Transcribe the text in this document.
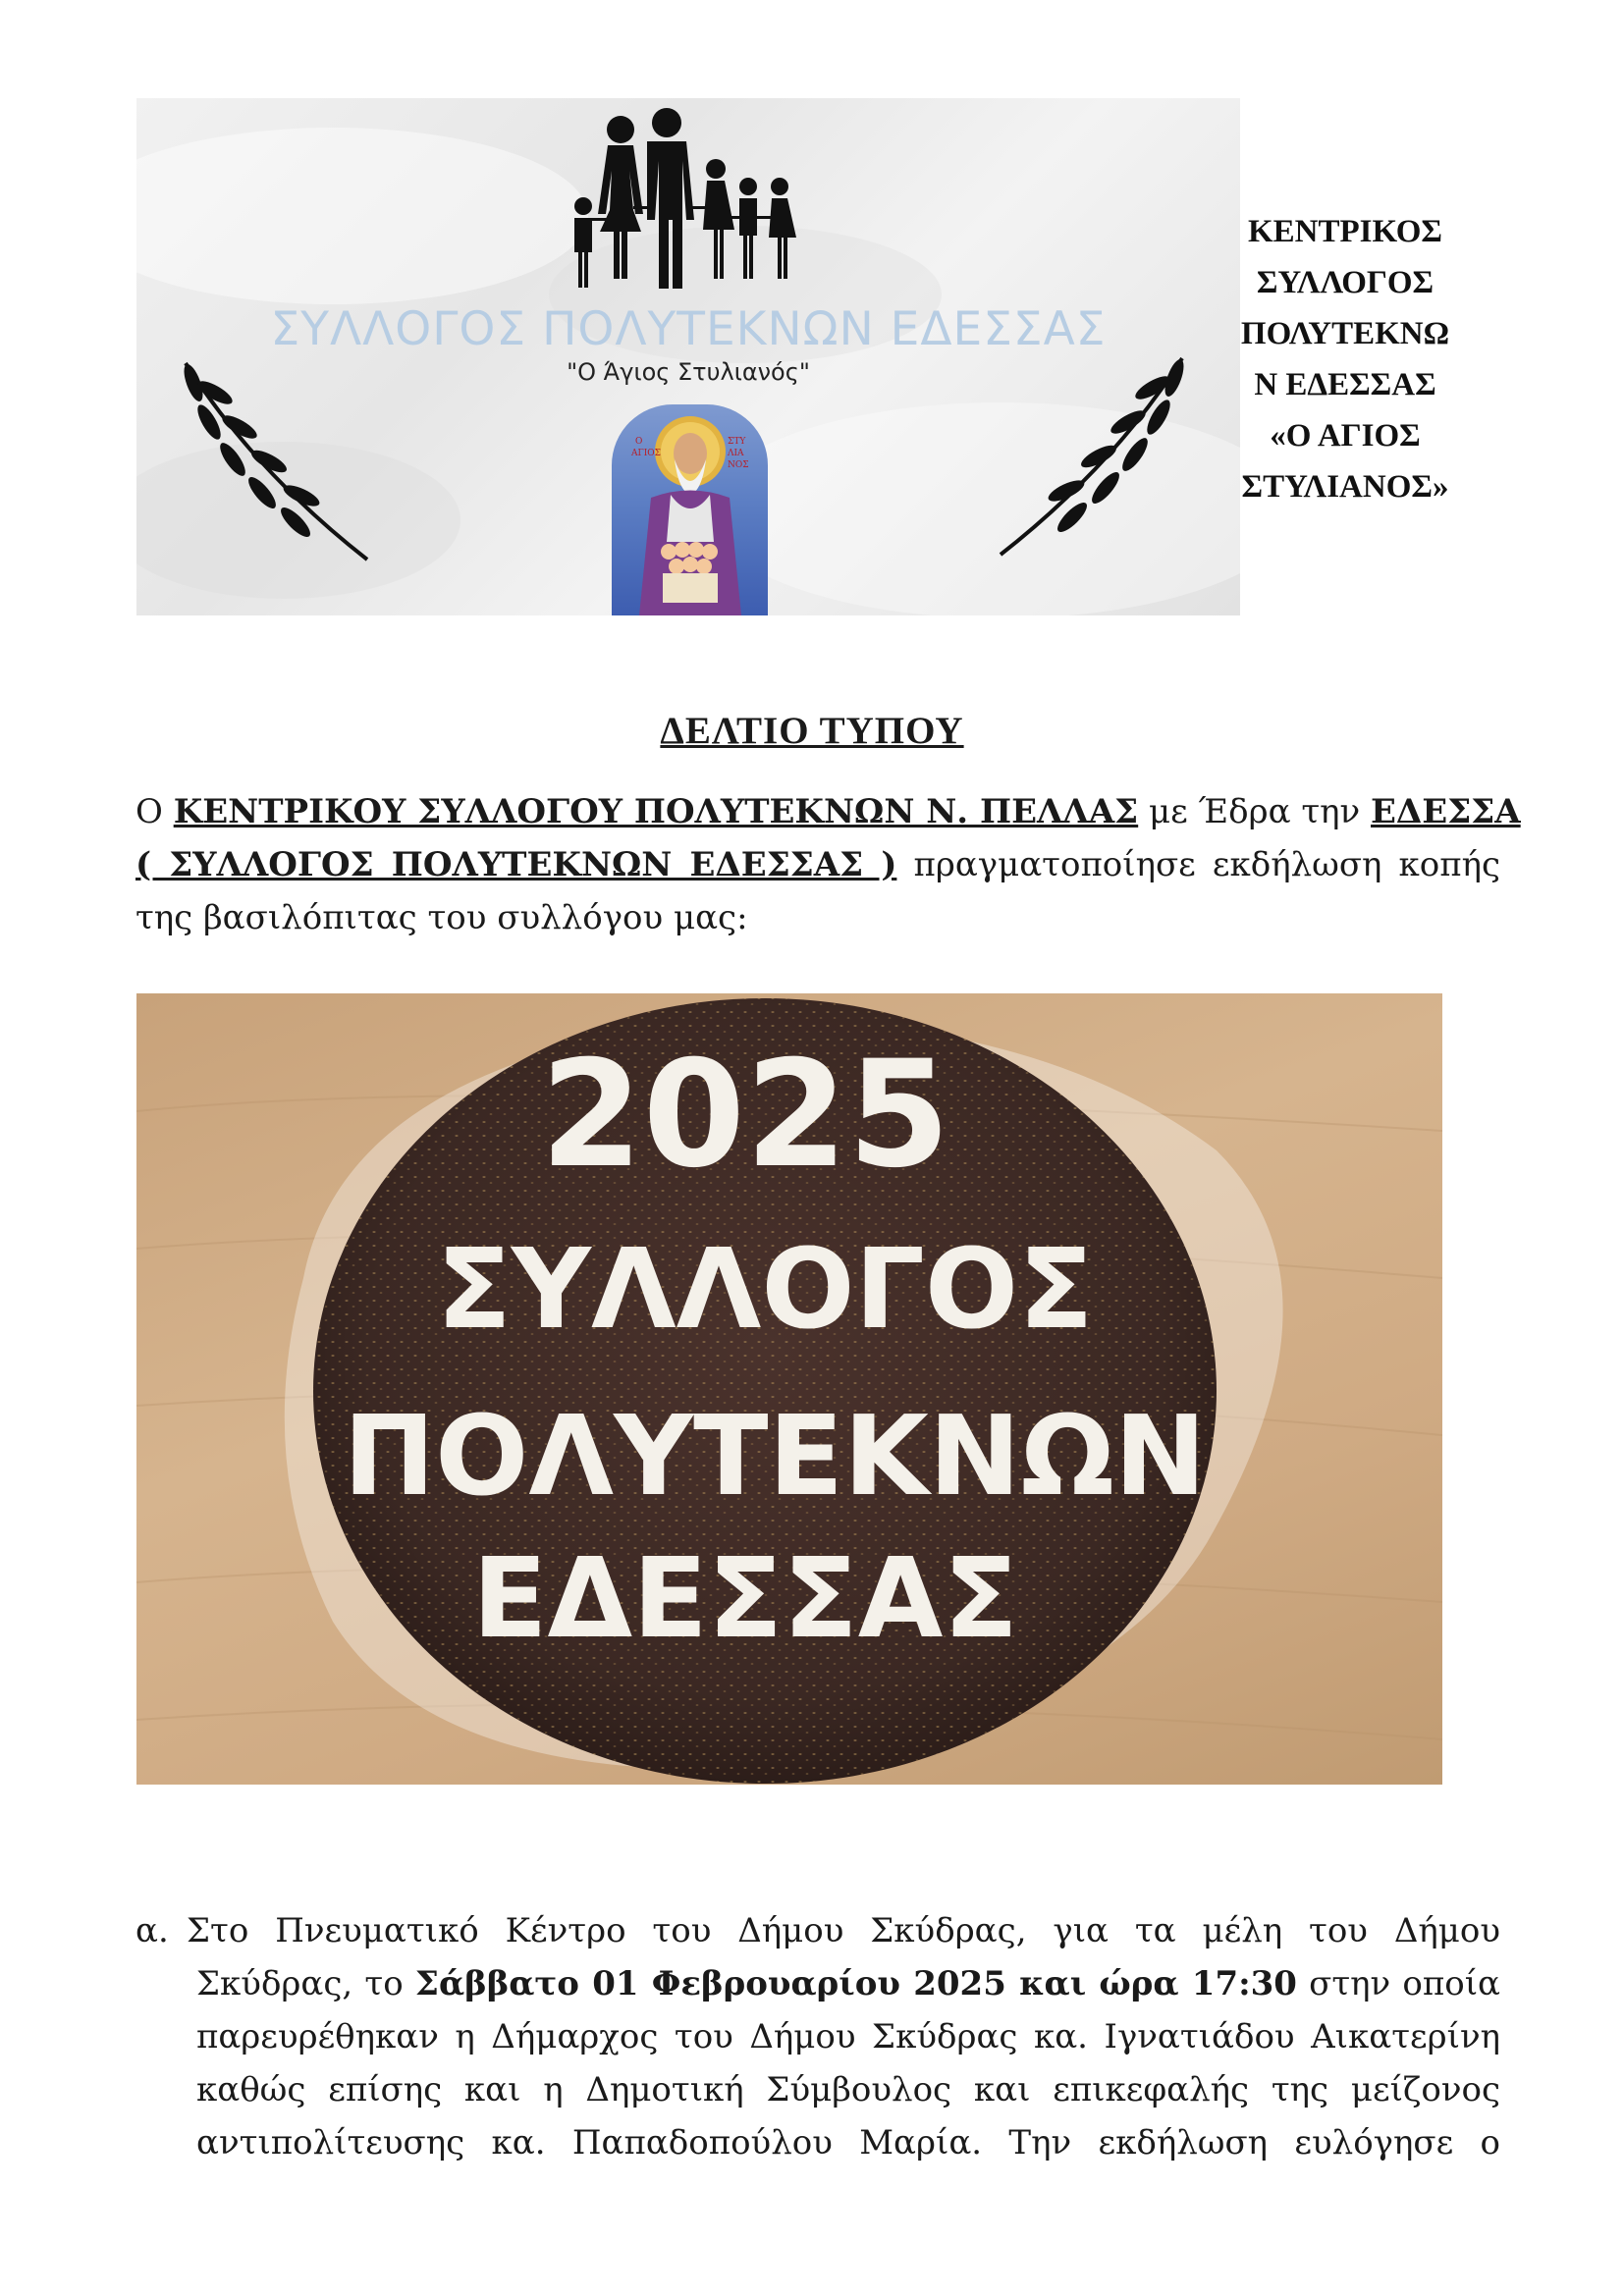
ΣΥΛΛΟΓΟΣ ΠΟΛΥΤΕΚΝΩΝ ΕΔΕΣΣΑΣ
"Ο Άγιος Στυλιανός"
Ο
ΑΓΙΟΣ
ΣΤΥ
ΛΙΑ
ΝΟΣ
ΚΕΝΤΡΙΚΟΣ
ΣΥΛΛΟΓΟΣ
ΠΟΛΥΤΕΚΝΩ
Ν ΕΔΕΣΣΑΣ
«Ο ΑΓΙΟΣ
ΣΤΥΛΙΑΝΟΣ»
ΔΕΛΤΙΟ ΤΥΠΟΥ
Ο ΚΕΝΤΡΙΚΟΥ ΣΥΛΛΟΓΟΥ ΠΟΛΥΤΕΚΝΩΝ Ν. ΠΕΛΛΑΣ με Έδρα την ΕΔΕΣΣΑ
( ΣΥΛΛΟΓΟΣ ΠΟΛΥΤΕΚΝΩΝ ΕΔΕΣΣΑΣ ) πραγματοποίησε εκδήλωση κοπής
της βασιλόπιτας του συλλόγου μας:
2025
ΣΥΛΛΟΓΟΣ
ΠΟΛΥΤΕΚΝΩΝ
ΕΔΕΣΣΑΣ
α. Στο Πνευματικό Κέντρο του Δήμου Σκύδρας, για τα μέλη του Δήμου
Σκύδρας, το Σάββατο 01 Φεβρουαρίου 2025 και ώρα 17:30 στην οποία
παρευρέθηκαν η Δήμαρχος του Δήμου Σκύδρας κα. Ιγνατιάδου Αικατερίνη
καθώς επίσης και η Δημοτική Σύμβουλος και επικεφαλής της μείζονος
αντιπολίτευσης κα. Παπαδοπούλου Μαρία. Την εκδήλωση ευλόγησε ο
